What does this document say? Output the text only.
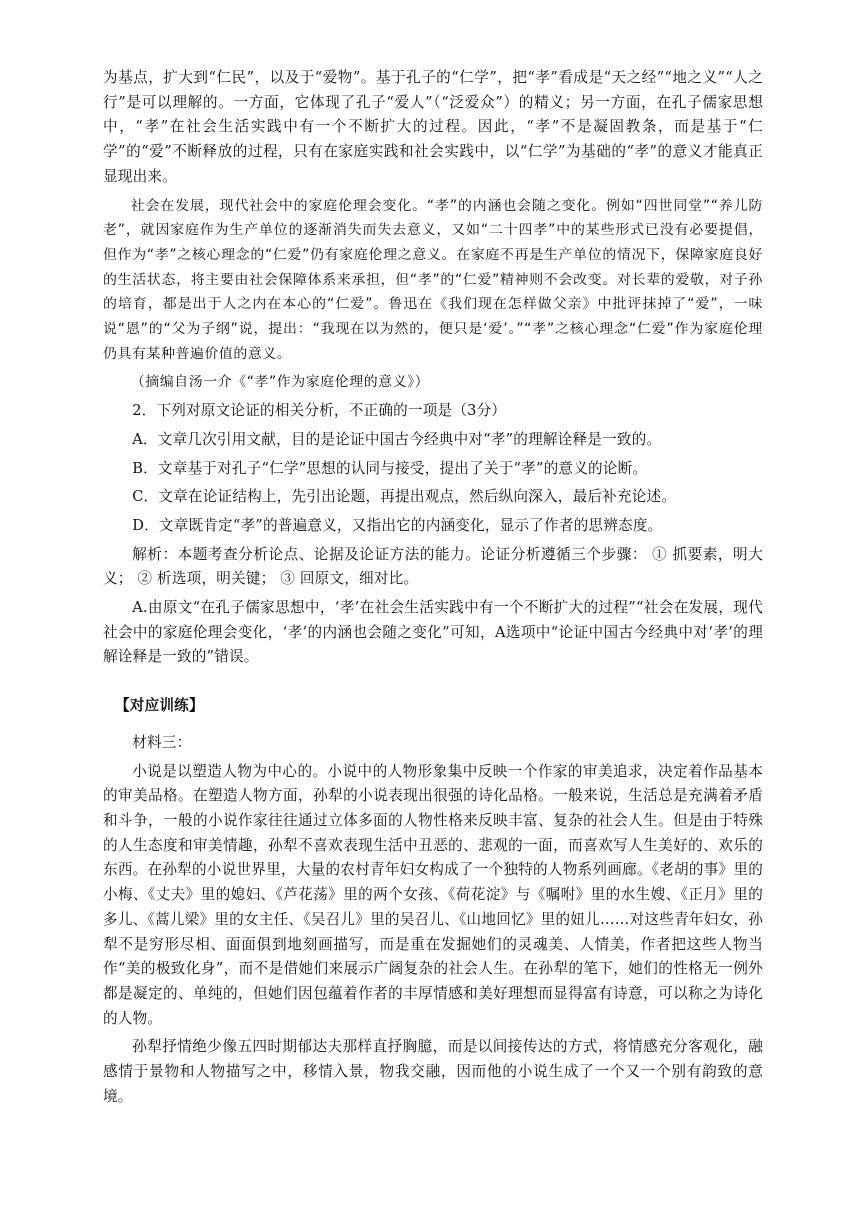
为基点，扩大到“仁民”，以及于“爱物”。基于孔子的“仁学”，把“孝”看成是“天之经”“地之义”“人之行”是可以理解的。一方面，它体现了孔子“爱人”（“泛爱众”）的精义；另一方面，在孔子儒家思想中，“孝”在社会生活实践中有一个不断扩大的过程。因此，“孝”不是凝固教条，而是基于“仁学”的“爱”不断释放的过程，只有在家庭实践和社会实践中，以“仁学”为基础的“孝”的意义才能真正显现出来。

社会在发展，现代社会中的家庭伦理会变化。“孝”的内涵也会随之变化。例如“四世同堂”“养儿防老”，就因家庭作为生产单位的逐渐消失而失去意义，又如“二十四孝”中的某些形式已没有必要提倡，但作为“孝”之核心理念的“仁爱”仍有家庭伦理之意义。在家庭不再是生产单位的情况下，保障家庭良好的生活状态，将主要由社会保障体系来承担，但“孝”的“仁爱”精神则不会改变。对长辈的爱敬，对子孙的培育，都是出于人之内在本心的“仁爱”。鲁迅在《我们现在怎样做父亲》中批评抹掉了“爱”，一味说“恩”的“父为子纲”说，提出：“我现在以为然的，便只是‘爱’。”“孝”之核心理念“仁爱”作为家庭伦理仍具有某种普遍价值的意义。

（摘编自汤一介《“孝”作为家庭伦理的意义》）

2．下列对原文论证的相关分析，不正确的一项是（3分）

A．文章几次引用文献，目的是论证中国古今经典中对“孝”的理解诠释是一致的。

B．文章基于对孔子“仁学”思想的认同与接受，提出了关于“孝”的意义的论断。

C．文章在论证结构上，先引出论题，再提出观点，然后纵向深入，最后补充论述。

D．文章既肯定“孝”的普遍意义，又指出它的内涵变化，显示了作者的思辨态度。

解析：本题考查分析论点、论据及论证方法的能力。论证分析遵循三个步骤： ① 抓要素，明大义； ② 析选项，明关键； ③ 回原文，细对比。

A.由原文“在孔子儒家思想中，‘孝’在社会生活实践中有一个不断扩大的过程”“社会在发展，现代社会中的家庭伦理会变化，‘孝’的内涵也会随之变化”可知，A选项中“论证中国古今经典中对‘孝’的理解诠释是一致的”错误。

【对应训练】

材料三：

小说是以塑造人物为中心的。小说中的人物形象集中反映一个作家的审美追求，决定着作品基本的审美品格。在塑造人物方面，孙犁的小说表现出很强的诗化品格。一般来说，生活总是充满着矛盾和斗争，一般的小说作家往往通过立体多面的人物性格来反映丰富、复杂的社会人生。但是由于特殊的人生态度和审美情趣，孙犁不喜欢表现生活中丑恶的、悲观的一面，而喜欢写人生美好的、欢乐的东西。在孙犁的小说世界里，大量的农村青年妇女构成了一个独特的人物系列画廊。《老胡的事》里的小梅、《丈夫》里的媳妇、《芦花荡》里的两个女孩、《荷花淀》与《嘱咐》里的水生嫂、《正月》里的多儿、《蒿儿梁》里的女主任、《吴召儿》里的吴召儿、《山地回忆》里的妞儿……对这些青年妇女，孙犁不是穷形尽相、面面俱到地刻画描写，而是重在发掘她们的灵魂美、人情美，作者把这些人物当作“美的极致化身”，而不是借她们来展示广阔复杂的社会人生。在孙犁的笔下，她们的性格无一例外都是凝定的、单纯的，但她们因包蕴着作者的丰厚情感和美好理想而显得富有诗意，可以称之为诗化的人物。

孙犁抒情绝少像五四时期郁达夫那样直抒胸臆，而是以间接传达的方式，将情感充分客观化，融感情于景物和人物描写之中，移情入景，物我交融，因而他的小说生成了一个又一个别有韵致的意境。
